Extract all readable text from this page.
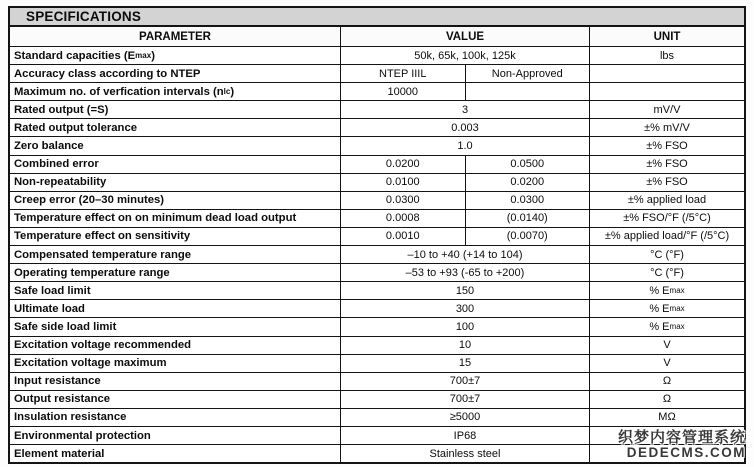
SPECIFICATIONS
PARAMETER	VALUE	UNIT
Standard capacities (E max )	50k, 65k, 100k, 125k	lbs
Accuracy class according to NTEP	NTEP IIIL	Non-Approved
Maximum no. of verfication intervals (n lc )	10000
Rated output (=S)	3	mV/V
Rated output tolerance	0.003	±% mV/V
Zero balance	1.0	±% FSO
Combined error	0.0200	0.0500	±% FSO
Non-repeatability	0.0100	0.0200	±% FSO
Creep error (20–30 minutes)	0.0300	0.0300	±% applied load
Temperature effect on on minimum dead load output	0.0008	(0.0140)	±% FSO/°F (/5°C)
Temperature effect on sensitivity	0.0010	(0.0070)	±% applied load/°F (/5°C)
Compensated temperature range	–10 to +40 (+14 to 104)	°C (°F)
Operating temperature range	–53 to +93 (-65 to +200)	°C (°F)
Safe load limit	150	% E max
Ultimate load	300	% E max
Safe side load limit	100	% E max
Excitation voltage recommended	10	V
Excitation voltage maximum	15	V
Input resistance	700±7	Ω
Output resistance	700±7	Ω
Insulation resistance	≥5000	MΩ
Environmental protection	IP68
Element material	Stainless steel
织梦内容管理系统
DEDECMS.COM
